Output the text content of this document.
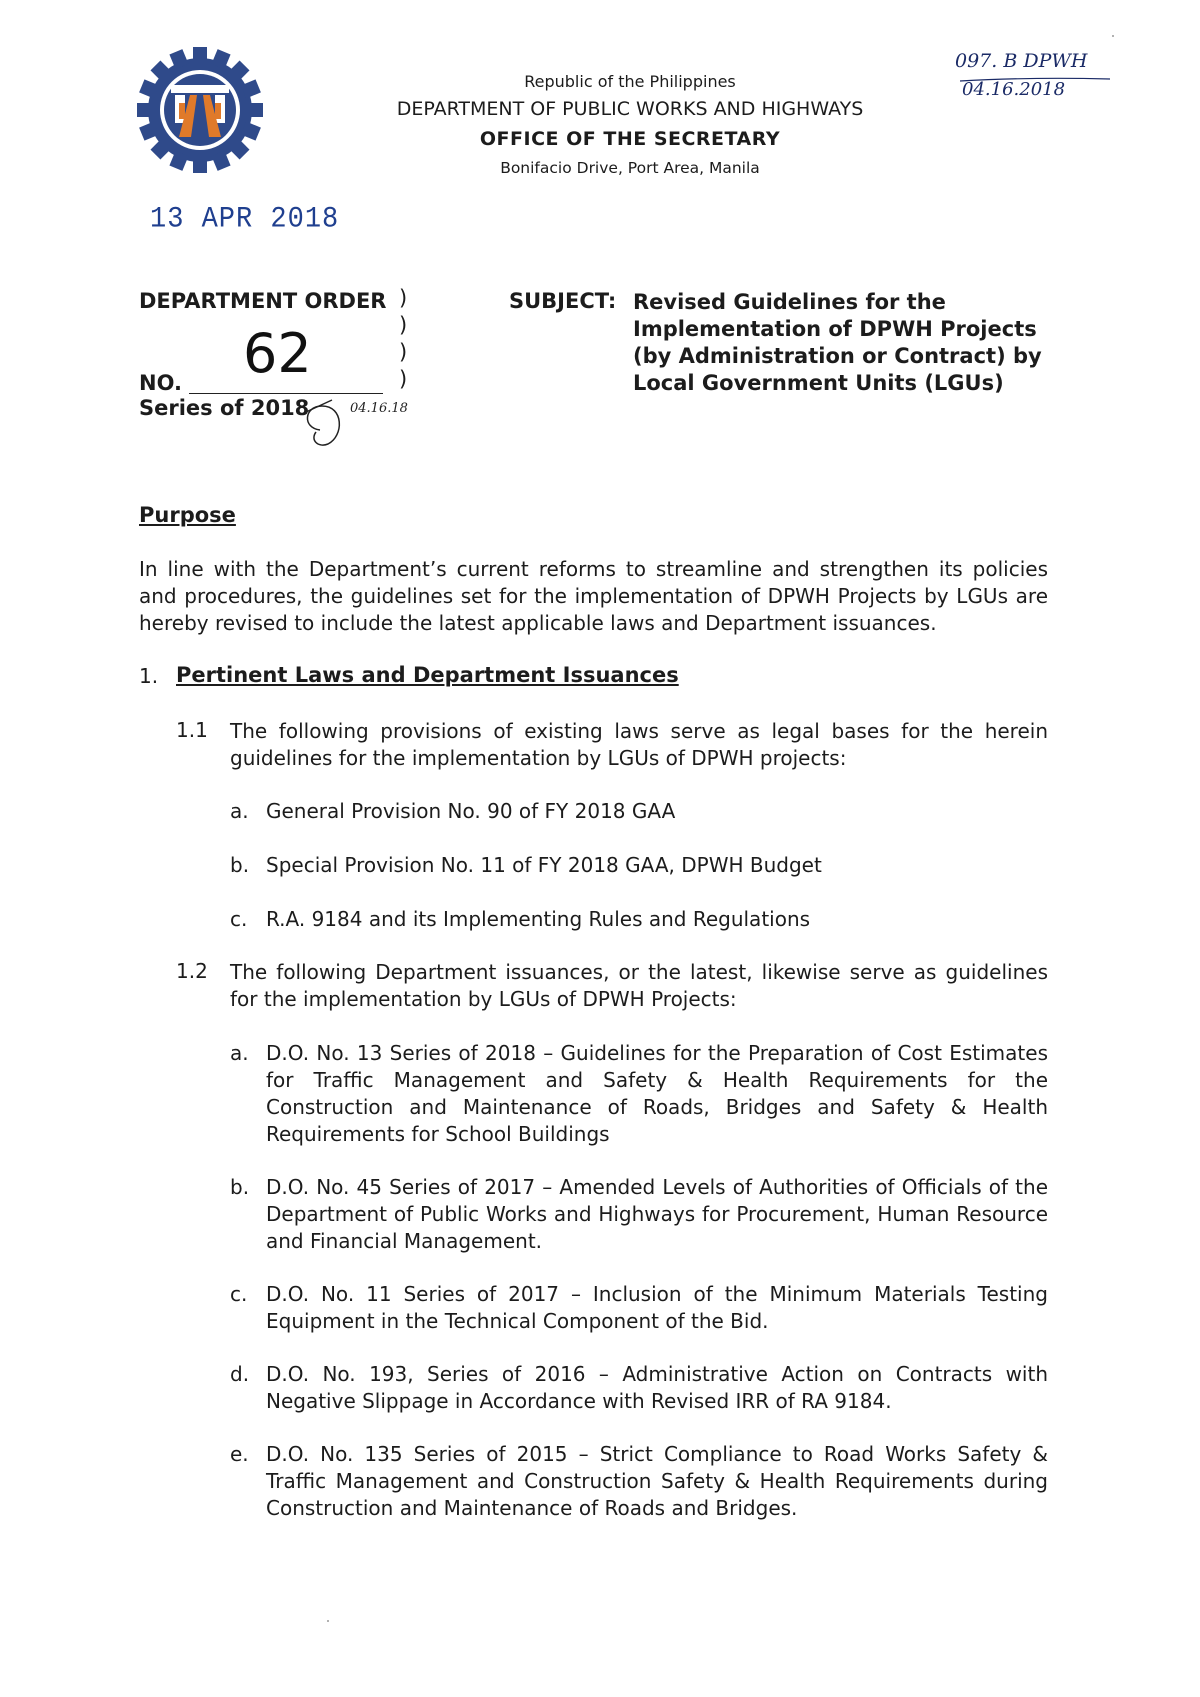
Republic of the Philippines
DEPARTMENT OF PUBLIC WORKS AND HIGHWAYS
OFFICE OF THE SECRETARY
Bonifacio Drive, Port Area, Manila
13 APR 2018
097. B DPWH
04.16.2018
DEPARTMENT ORDER )
)
)
)
62
NO.
Series of 2018	04.16.18
SUBJECT: Revised Guidelines for the
Implementation of DPWH Projects
(by Administration or Contract) by
Local Government Units (LGUs)
Purpose
In line with the Department’s current reforms to streamline and strengthen its policies and procedures, the guidelines set for the implementation of DPWH Projects by LGUs are hereby revised to include the latest applicable laws and Department issuances.
1. Pertinent Laws and Department Issuances
1.1 The following provisions of existing laws serve as legal bases for the herein guidelines for the implementation by LGUs of DPWH projects:
a. General Provision No. 90 of FY 2018 GAA
b. Special Provision No. 11 of FY 2018 GAA, DPWH Budget
c. R.A. 9184 and its Implementing Rules and Regulations
1.2 The following Department issuances, or the latest, likewise serve as guidelines for the implementation by LGUs of DPWH Projects:
a. D.O. No. 13 Series of 2018 – Guidelines for the Preparation of Cost Estimates for Traffic Management and Safety & Health Requirements for the Construction and Maintenance of Roads, Bridges and Safety & Health Requirements for School Buildings
b. D.O. No. 45 Series of 2017 – Amended Levels of Authorities of Officials of the Department of Public Works and Highways for Procurement, Human Resource and Financial Management.
c. D.O. No. 11 Series of 2017 – Inclusion of the Minimum Materials Testing Equipment in the Technical Component of the Bid.
d. D.O. No. 193, Series of 2016 – Administrative Action on Contracts with Negative Slippage in Accordance with Revised IRR of RA 9184.
e. D.O. No. 135 Series of 2015 – Strict Compliance to Road Works Safety & Traffic Management and Construction Safety & Health Requirements during Construction and Maintenance of Roads and Bridges.
